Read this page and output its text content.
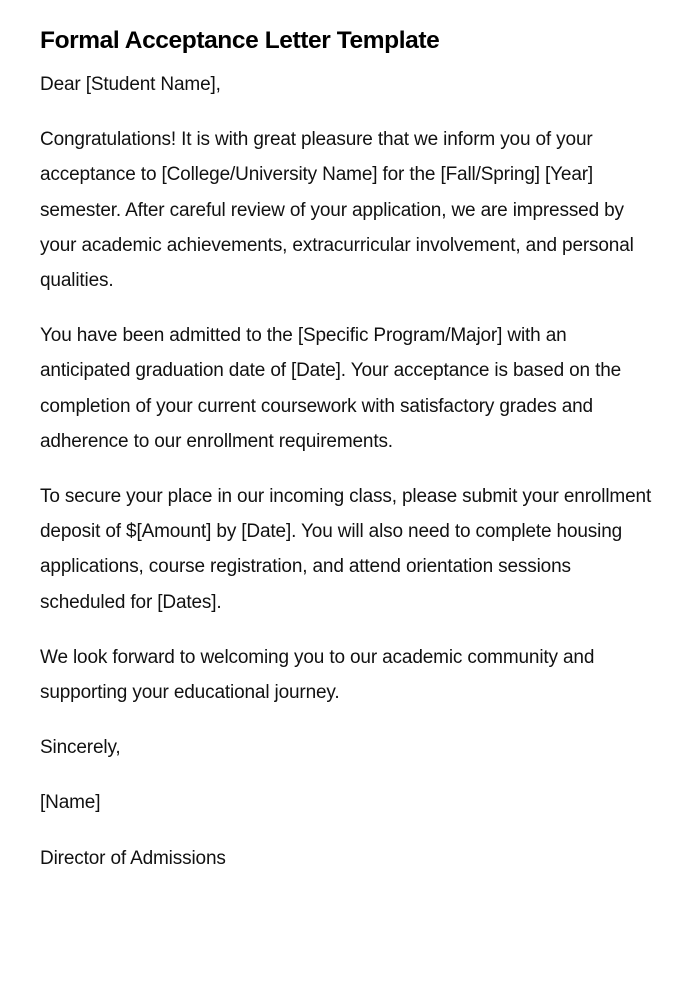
Formal Acceptance Letter Template

Dear [Student Name],

Congratulations! It is with great pleasure that we inform you of your acceptance to [College/University Name] for the [Fall/Spring] [Year] semester. After careful review of your application, we are impressed by your academic achievements, extracurricular involvement, and personal qualities.

You have been admitted to the [Specific Program/Major] with an anticipated graduation date of [Date]. Your acceptance is based on the completion of your current coursework with satisfactory grades and adherence to our enrollment requirements.

To secure your place in our incoming class, please submit your enrollment deposit of $[Amount] by [Date]. You will also need to complete housing applications, course registration, and attend orientation sessions scheduled for [Dates].

We look forward to welcoming you to our academic community and supporting your educational journey.

Sincerely,

[Name]

Director of Admissions
